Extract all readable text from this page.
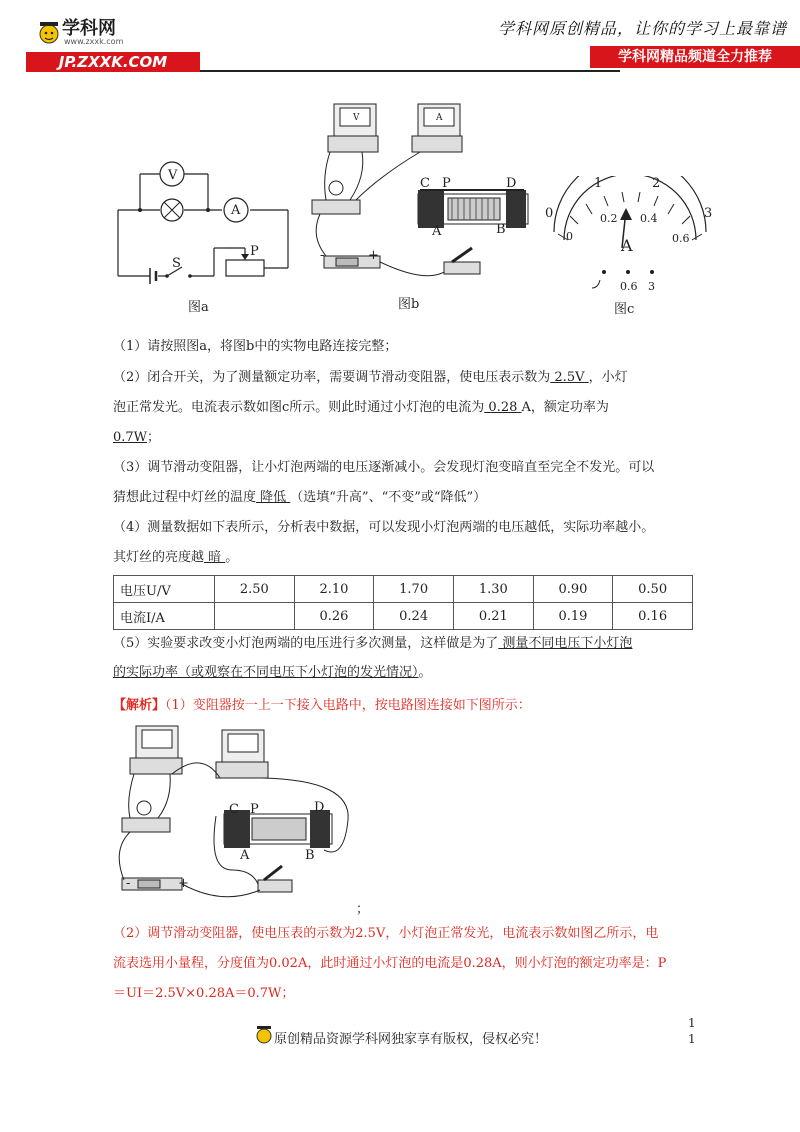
学科网
www.zxxk.com
JP.ZXXK.COM
学科网原创精品，让你的学习上最靠谱
学科网精品频道全力推荐
V
A
S
P
图a
V	A
C P	D
A	B
-	+
图b
0
1	2
3
0
0.2 0.4
0.6
A
0.6 3
图c
（1）请按照图a，将图b中的实物电路连接完整；
（2）闭合开关，为了测量额定功率，需要调节滑动变阻器，使电压表示数为 2.5V ，小灯
泡正常发光。电流表示数如图c所示。则此时通过小灯泡的电流为 0.28 A，额定功率为
0.7W；
（3）调节滑动变阻器，让小灯泡两端的电压逐渐减小。会发现灯泡变暗直至完全不发光。可以
猜想此过程中灯丝的温度 降低 （选填“升高”、“不变”或“降低”）
（4）测量数据如下表所示，分析表中数据，可以发现小灯泡两端的电压越低，实际功率越小。
其灯丝的亮度越 暗 。
电压U/V	2.50	2.10	1.70	1.30	0.90	0.50
电流I/A		0.26	0.24	0.21	0.19	0.16
（5）实验要求改变小灯泡两端的电压进行多次测量，这样做是为了 测量不同电压下小灯泡
的实际功率（或观察在不同电压下小灯泡的发光情况）。
【解析】（1）变阻器按一上一下接入电路中，按电路图连接如下图所示：
C P	D
A	B
-	+
；
（2）调节滑动变阻器，使电压表的示数为2.5V，小灯泡正常发光，电流表示数如图乙所示，电
流表选用小量程，分度值为0.02A，此时通过小灯泡的电流是0.28A，则小灯泡的额定功率是：P
＝UI＝2.5V×0.28A＝0.7W；
原创精品资源学科网独家享有版权，侵权必究！
1
1
